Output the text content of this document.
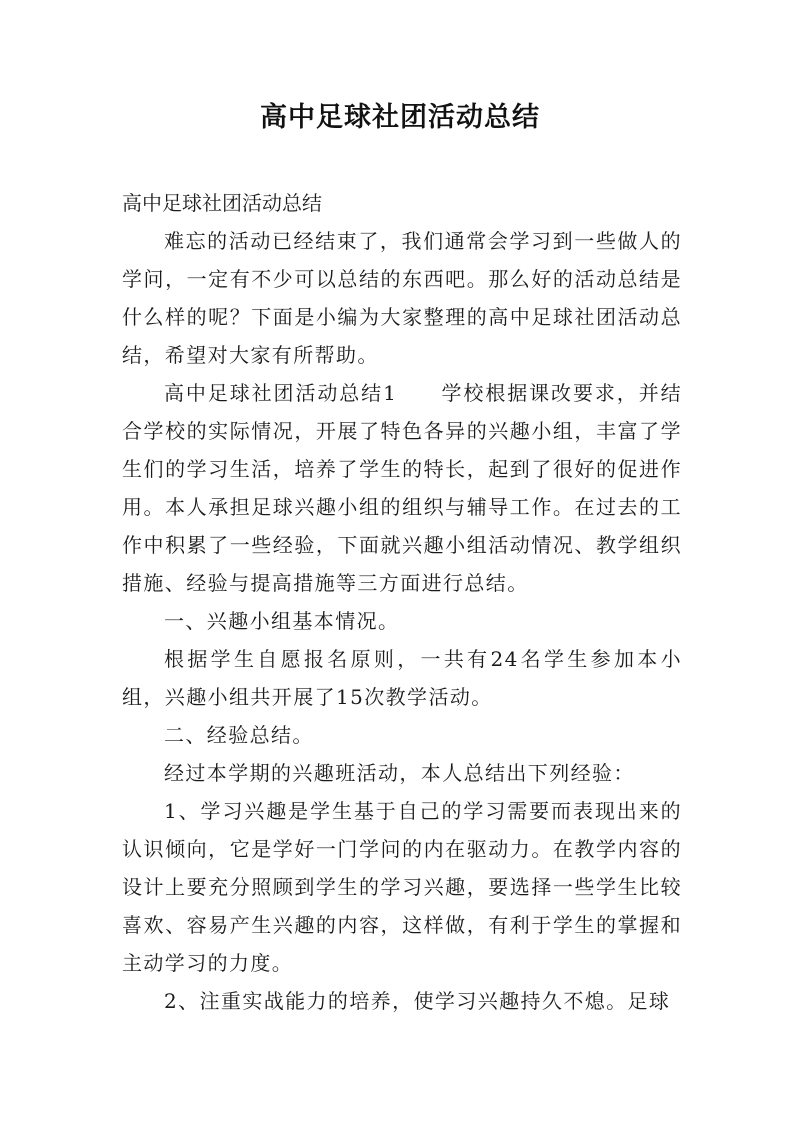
高中足球社团活动总结
高中足球社团活动总结

难忘的活动已经结束了，我们通常会学习到一些做人的学问，一定有不少可以总结的东西吧。那么好的活动总结是什么样的呢？下面是小编为大家整理的高中足球社团活动总结，希望对大家有所帮助。

高中足球社团活动总结1　　学校根据课改要求，并结合学校的实际情况，开展了特色各异的兴趣小组，丰富了学生们的学习生活，培养了学生的特长，起到了很好的促进作用。本人承担足球兴趣小组的组织与辅导工作。在过去的工作中积累了一些经验，下面就兴趣小组活动情况、教学组织措施、经验与提高措施等三方面进行总结。

一、兴趣小组基本情况。

根据学生自愿报名原则，一共有24名学生参加本小组，兴趣小组共开展了15次教学活动。

二、经验总结。

经过本学期的兴趣班活动，本人总结出下列经验：

1、学习兴趣是学生基于自己的学习需要而表现出来的认识倾向，它是学好一门学问的内在驱动力。在教学内容的设计上要充分照顾到学生的学习兴趣，要选择一些学生比较喜欢、容易产生兴趣的内容，这样做，有利于学生的掌握和主动学习的力度。

2、注重实战能力的培养，使学习兴趣持久不熄。足球
